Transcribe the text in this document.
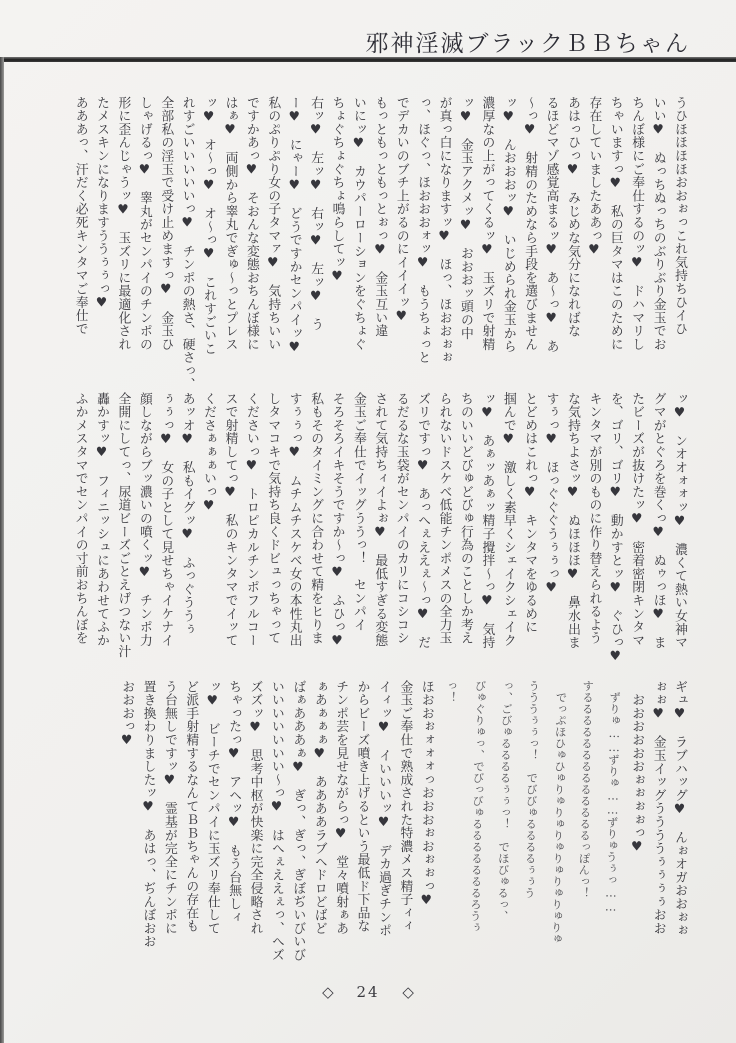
邪神淫滅ブラックＢＢちゃん
うひほほほほおおぉっこれ気持ちひイひ
いい♥　ぬっちぬっちのぶりぶり金玉でお
ちんぼ様にご奉仕するのッ♥　ドハマリし
ちゃいますっ♥　私の巨タマはこのために
存在していましたああっ♥
あはっひっ♥　みじめな気分になればな
るほどマゾ感覚高まるッ♥　あ～っ♥　あ
～っ♥　射精のためなら手段を選びません
ッ♥　んおおおッ♥　いじめられ金玉から
濃厚なの上がってくるッ♥　玉ズリで射精
ッ♥　金玉アクメッ♥　おおおッ頭の中
が真っ白になりますッ♥　ほっ、ほおおぉぉ
っ、ほぐっ、ほおおおォッ♥　もうちょっと
でデカいのブチ上がるのにイイイッ♥
もっともっともっとぉっ♥　金玉互い違
いにッ♥　カウパーローションをぐちょぐ
ちょぐちょぐちょ鳴らしてッ♥
右ッ♥　左ッ♥　右ッ♥　左ッ♥　う
ー♥　にゃー♥　どうですかセンパイッ♥
私のぷりぷり女の子タマァ♥　気持ちいい
ですかあっ♥　そおんな変態おちんぼ様に
はぁ♥　両側から睾丸でぎゅ～っとプレス
ッ♥　オ～っ♥　オ～っ♥　これすごいこ
れすごいいいいいっ♥　チンポの熱さ、硬さっ、
全部私の淫玉で受け止めますっ♥　金玉ひ
しゃげるっ♥　睾丸がセンパイのチンポの
形に歪んじゃうッ♥　玉ズリに最適化され
たメスキンになりますううぅぅっ♥
あああっ、汗だく必死キンタマご奉仕で
ッ♥　ンオオォォッ♥　濃くて熱い女神マ
グマがとぐろを巻くっ♥　ぬゥっほ♥　ま
たビーズが抜けたッ♥　密着密閉キンタマ
を、ゴリ、ゴリ♥　動かすとッ♥　ぐひっ♥
キンタマが別のものに作り替えられるよう
な気持ちよさッ♥　ぬほほほ♥　鼻水出ま
すぅっ♥　ほっぐぐぐうぅぅっ♥
とどめはこれっ♥　キンタマをゆるめに
掴んで♥　激しく素早くシェイクシェイク
ッ♥　あぁッあぁッ精子攪拌～っ♥　気持
ちのいいどびゅどびゅ行為のことしか考え
られないドスケベ低能チンポメスの全力玉
ズリですっ♥　あっへぇええぇ～っ♥　だ
るだるな玉袋がセンパイのカリにコシコシ
されて気持ちィイよぉ♥　最低すぎる変態
金玉ご奉仕でイッグううっ！　センパイ
そろそろイキそうですか～っ♥　ふひっ♥
私もそのタイミングに合わせて精をヒりま
すぅぅっ♥　ムチムチスケベ女の本性丸出
しタマコキで気持ち良くドビュっちゃって
くださいっ♥　トロピカルチンポフルコー
スで射精してっ♥　私のキンタマでイッて
くださぁぁぁいっ♥
あッオ♥　私もイグッ♥　ふっぐううぅ
ぅぅっ♥　女の子として見せちゃイケナイ
顔しながらブッ濃いの噴くッ♥　チンポ力
全開にしてっ、尿道ビーズごとえげつない汁
轟かすッ♥　フィニッシュにあわせてふか
ふかメスタマでセンパイの寸前おちんぼを
ギュ♥　ラブハッグ♥　んぉオガおおぉぉ
ぉぉ♥　金玉イッグううううぅぅぅぅおお
　おおおおおおぉぉぉぉっ♥
　ずりゅ……ずりゅ……ずりゅうぅっ……
するるるるるるるるるるるるるっぽんっ！
　でっぷほひゅひゅりゅりゅりゅりゅりゅりゅりゅ
うううぅぅっ！　でびびゅるるるるぅぅう
っ、ごびゅるるるるぅぅっ！　でほびゅるっ、
びゅぐりゅっ、でびっびゅるるるるるるるろうぅ
っ！
ほおおぉォォォっおおおぉおぉぉっ♥
金玉ご奉仕で熟成された特濃メス精子ィィ
イィッ♥　イいいいッ♥　デカ過ぎチンポ
からビーズ噴き上げるという最低ド下品な
チンポ芸を見せながらっ♥　堂々噴射ぁあ
ぁあぁぁぁ♥　ああああラブヘドロどばど
ばぁあああぁ♥　ぎっ、ぎっ、ぎぼぢいびいび
いいいいいいい～っ♥　はへぇええぇっ、へズ
ズズッ♥　思考中枢が快楽に完全侵略され
ちゃったっ♥　アヘッ♥　もう台無しィ
ッ♥　ビーチでセンパイに玉ズリ奉仕して
ど派手射精するなんてＢＢちゃんの存在も
う台無しですッ♥　霊基が完全にチンポに
置き換わりましたッ♥　あはっ、ぢんぼおお
おおおっ♥
◇ 24 ◇
